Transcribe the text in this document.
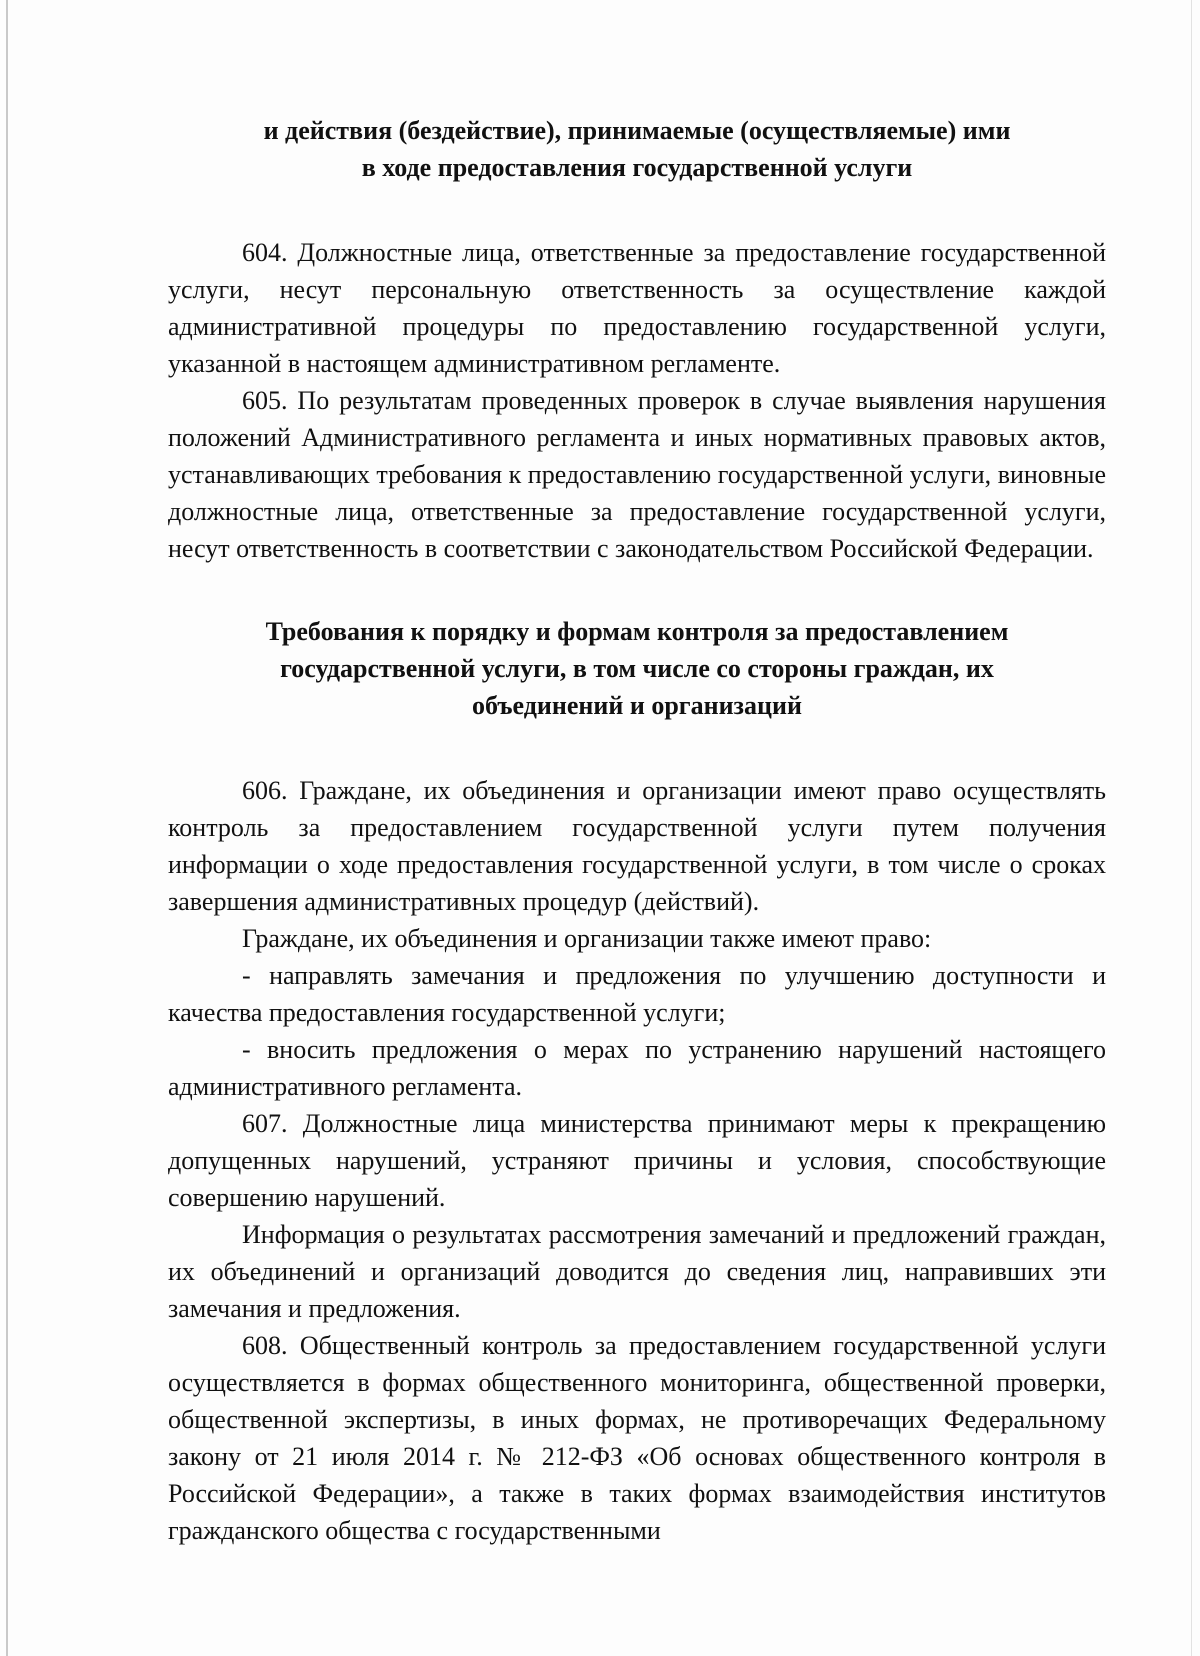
и действия (бездействие), принимаемые (осуществляемые) ими
в ходе предоставления государственной услуги

604. Должностные лица, ответственные за предоставление государственной услуги, несут персональную ответственность за осуществление каждой административной процедуры по предоставлению государственной услуги, указанной в настоящем административном регламенте.

605. По результатам проведенных проверок в случае выявления нарушения положений Административного регламента и иных нормативных правовых актов, устанавливающих требования к предоставлению государственной услуги, виновные должностные лица, ответственные за предоставление государственной услуги, несут ответственность в соответствии с законодательством Российской Федерации.

Требования к порядку и формам контроля за предоставлением
государственной услуги, в том числе со стороны граждан, их
объединений и организаций

606. Граждане, их объединения и организации имеют право осуществлять контроль за предоставлением государственной услуги путем получения информации о ходе предоставления государственной услуги, в том числе о сроках завершения административных процедур (действий).

Граждане, их объединения и организации также имеют право:

- направлять замечания и предложения по улучшению доступности и качества предоставления государственной услуги;

- вносить предложения о мерах по устранению нарушений настоящего административного регламента.

607. Должностные лица министерства принимают меры к прекращению допущенных нарушений, устраняют причины и условия, способствующие совершению нарушений.

Информация о результатах рассмотрения замечаний и предложений граждан, их объединений и организаций доводится до сведения лиц, направивших эти замечания и предложения.

608. Общественный контроль за предоставлением государственной услуги осуществляется в формах общественного мониторинга, общественной проверки, общественной экспертизы, в иных формах, не противоречащих Федеральному закону от 21 июля 2014 г. № 212-ФЗ «Об основах общественного контроля в Российской Федерации», а также в таких формах взаимодействия институтов гражданского общества с государственными
